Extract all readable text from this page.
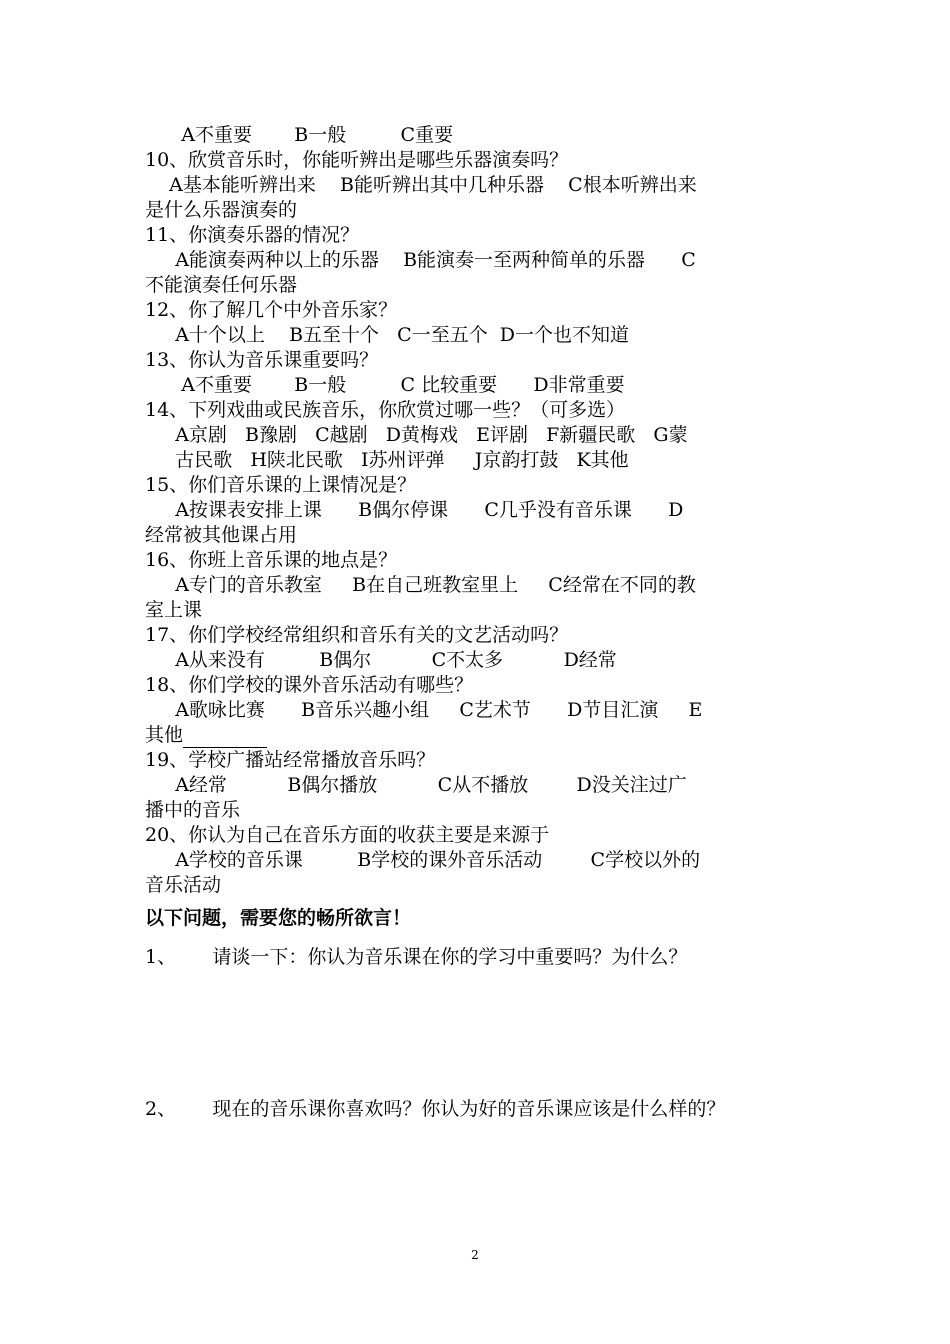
A不重要       B一般         C重要
10、欣赏音乐时，你能听辨出是哪些乐器演奏吗？
A基本能听辨出来    B能听辨出其中几种乐器    C根本听辨出来
是什么乐器演奏的
11、你演奏乐器的情况？
A能演奏两种以上的乐器    B能演奏一至两种简单的乐器      C
不能演奏任何乐器
12、你了解几个中外音乐家？
A十个以上    B五至十个   C一至五个  D一个也不知道
13、你认为音乐课重要吗？
A不重要       B一般         C 比较重要      D非常重要
14、下列戏曲或民族音乐，你欣赏过哪一些？（可多选）
A京剧   B豫剧   C越剧   D黄梅戏   E评剧   F新疆民歌   G蒙
古民歌   H陕北民歌   I苏州评弹     J京韵打鼓   K其他
15、你们音乐课的上课情况是？
A按课表安排上课      B偶尔停课      C几乎没有音乐课      D
经常被其他课占用
16、你班上音乐课的地点是？
A专门的音乐教室     B在自己班教室里上     C经常在不同的教
室上课
17、你们学校经常组织和音乐有关的文艺活动吗？
A从来没有         B偶尔          C不太多          D经常
18、你们学校的课外音乐活动有哪些？
A歌咏比赛      B音乐兴趣小组     C艺术节      D节目汇演     E
其他
19、学校广播站经常播放音乐吗？
A经常          B偶尔播放          C从不播放        D没关注过广
播中的音乐
20、你认为自己在音乐方面的收获主要是来源于
A学校的音乐课         B学校的课外音乐活动        C学校以外的
音乐活动
以下问题，需要您的畅所欲言！
1、      请谈一下：你认为音乐课在你的学习中重要吗？为什么？
2、      现在的音乐课你喜欢吗？你认为好的音乐课应该是什么样的？
2
